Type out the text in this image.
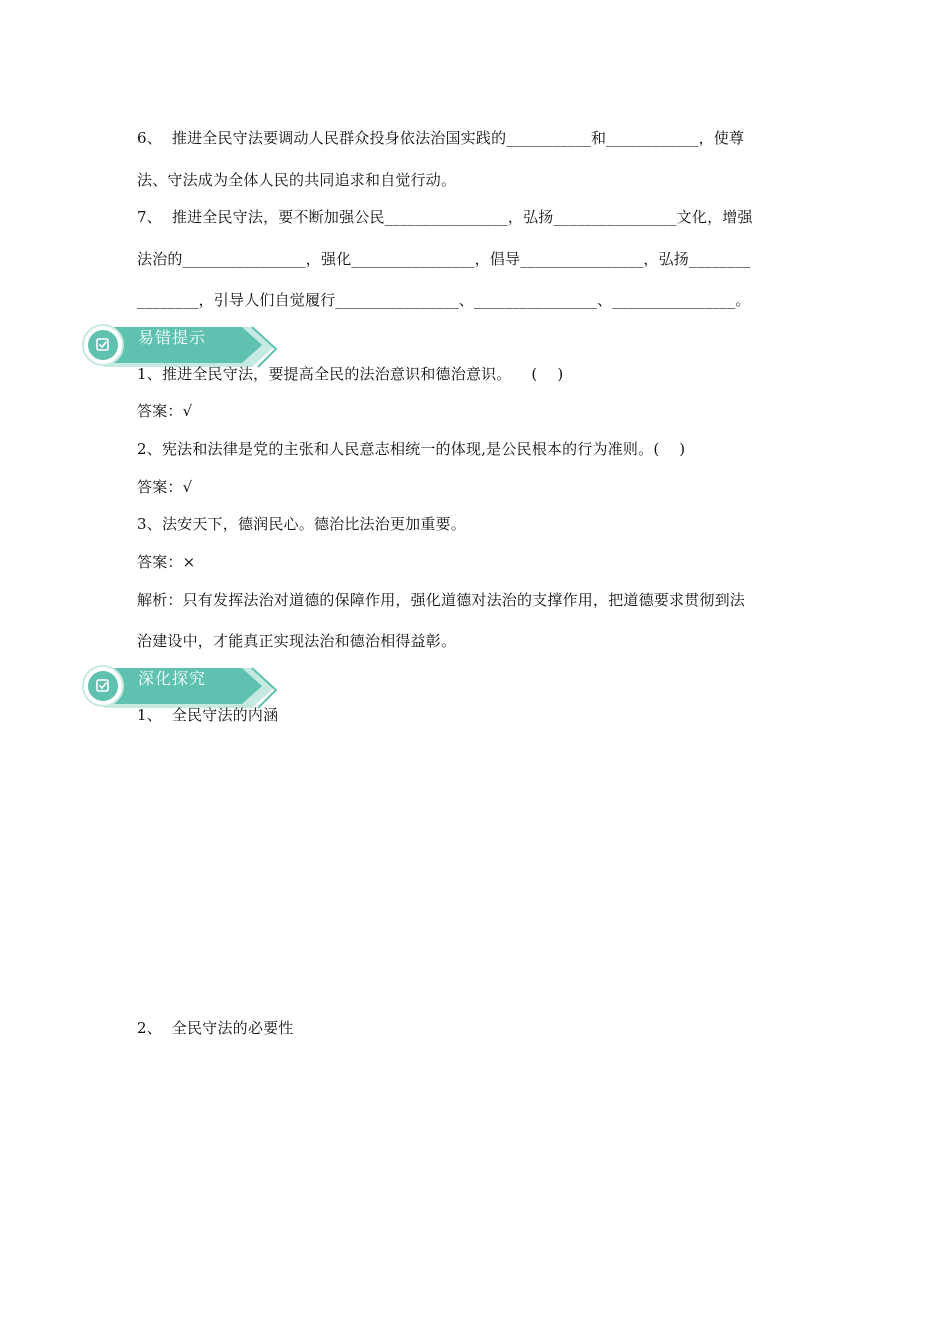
6、  推进全民守法要调动人民群众投身依法治国实践的___________和____________，使尊
法、守法成为全体人民的共同追求和自觉行动。
7、  推进全民守法，要不断加强公民________________，弘扬________________文化，增强
法治的________________，强化________________，倡导________________，弘扬________
________，引导人们自觉履行________________、________________、________________。
易错提示
1、推进全民守法，要提高全民的法治意识和德治意识。    (    )
答案：√
2、宪法和法律是党的主张和人民意志相统一的体现,是公民根本的行为准则。(    )
答案：√
3、法安天下，德润民心。德治比法治更加重要。
答案：×
解析：只有发挥法治对道德的保障作用，强化道德对法治的支撑作用，把道德要求贯彻到法
治建设中，才能真正实现法治和德治相得益彰。
深化探究
1、  全民守法的内涵
2、  全民守法的必要性
